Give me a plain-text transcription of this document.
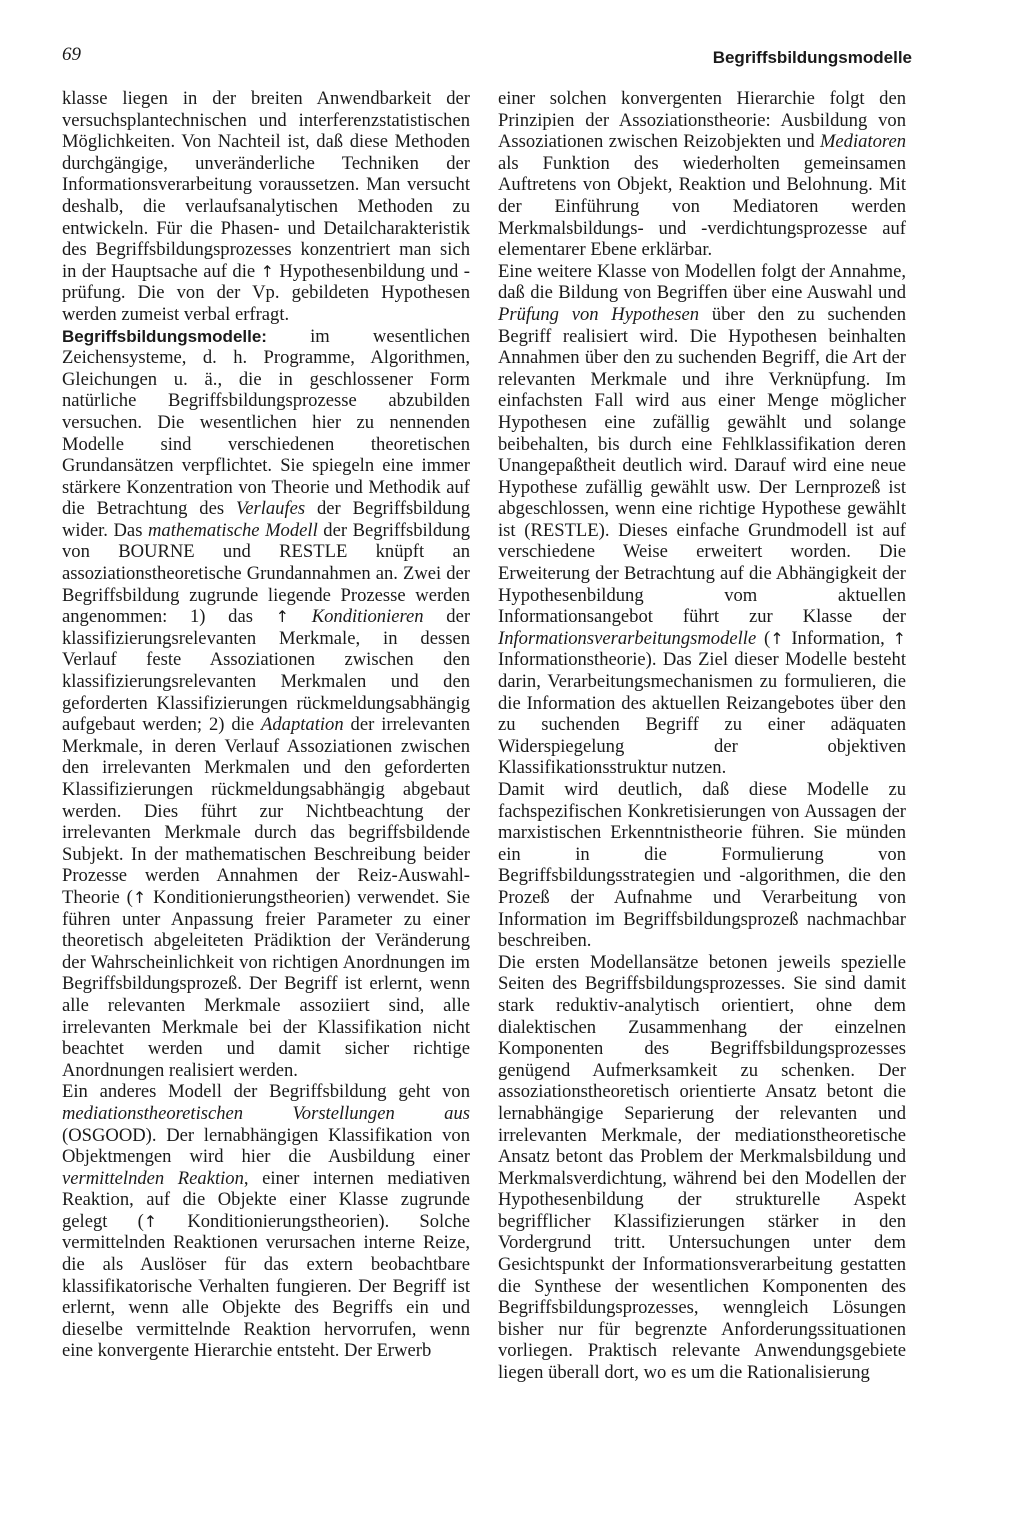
69	Begriffsbildungsmodelle

klasse liegen in der breiten Anwendbarkeit der versuchsplantechnischen und interferenzstatistischen Möglichkeiten. Von Nachteil ist, daß diese Methoden durchgängige, unveränderliche Techniken der Informationsverarbeitung voraussetzen. Man versucht deshalb, die verlaufsanalytischen Methoden zu entwickeln. Für die Phasen- und Detailcharakteristik des Begriffsbildungsprozesses konzentriert man sich in der Hauptsache auf die ↑ Hypothesenbildung und -prüfung. Die von der Vp. gebildeten Hypothesen werden zumeist verbal erfragt.

Begriffsbildungsmodelle: im wesentlichen Zeichensysteme, d. h. Programme, Algorithmen, Gleichungen u. ä., die in geschlossener Form natürliche Begriffsbildungsprozesse abzubilden versuchen. Die wesentlichen hier zu nennenden Modelle sind verschiedenen theoretischen Grundansätzen verpflichtet. Sie spiegeln eine immer stärkere Konzentration von Theorie und Methodik auf die Betrachtung des Verlaufes der Begriffsbildung wider. Das mathematische Modell der Begriffsbildung von BOURNE und RESTLE knüpft an assoziationstheoretische Grundannahmen an. Zwei der Begriffsbildung zugrunde liegende Prozesse werden angenommen: 1) das ↑ Konditionieren der klassifizierungsrelevanten Merkmale, in dessen Verlauf feste Assoziationen zwischen den klassifizierungsrelevanten Merkmalen und den geforderten Klassifizierungen rückmeldungsabhängig aufgebaut werden; 2) die Adaptation der irrelevanten Merkmale, in deren Verlauf Assoziationen zwischen den irrelevanten Merkmalen und den geforderten Klassifizierungen rückmeldungsabhängig abgebaut werden. Dies führt zur Nichtbeachtung der irrelevanten Merkmale durch das begriffsbildende Subjekt. In der mathematischen Beschreibung beider Prozesse werden Annahmen der Reiz-Auswahl-Theorie (↑ Konditionierungstheorien) verwendet. Sie führen unter Anpassung freier Parameter zu einer theoretisch abgeleiteten Prädiktion der Veränderung der Wahrscheinlichkeit von richtigen Anordnungen im Begriffsbildungsprozeß. Der Begriff ist erlernt, wenn alle relevanten Merkmale assoziiert sind, alle irrelevanten Merkmale bei der Klassifikation nicht beachtet werden und damit sicher richtige Anordnungen realisiert werden.

Ein anderes Modell der Begriffsbildung geht von mediationstheoretischen Vorstellungen aus (OSGOOD). Der lernabhängigen Klassifikation von Objektmengen wird hier die Ausbildung einer vermittelnden Reaktion, einer internen mediativen Reaktion, auf die Objekte einer Klasse zugrunde gelegt (↑ Konditionierungstheorien). Solche vermittelnden Reaktionen verursachen interne Reize, die als Auslöser für das extern beobachtbare klassifikatorische Verhalten fungieren. Der Begriff ist erlernt, wenn alle Objekte des Begriffs ein und dieselbe vermittelnde Reaktion hervorrufen, wenn eine konvergente Hierarchie entsteht. Der Erwerb

einer solchen konvergenten Hierarchie folgt den Prinzipien der Assoziationstheorie: Ausbildung von Assoziationen zwischen Reizobjekten und Mediatoren als Funktion des wiederholten gemeinsamen Auftretens von Objekt, Reaktion und Belohnung. Mit der Einführung von Mediatoren werden Merkmalsbildungs- und -verdichtungsprozesse auf elementarer Ebene erklärbar.

Eine weitere Klasse von Modellen folgt der Annahme, daß die Bildung von Begriffen über eine Auswahl und Prüfung von Hypothesen über den zu suchenden Begriff realisiert wird. Die Hypothesen beinhalten Annahmen über den zu suchenden Begriff, die Art der relevanten Merkmale und ihre Verknüpfung. Im einfachsten Fall wird aus einer Menge möglicher Hypothesen eine zufällig gewählt und solange beibehalten, bis durch eine Fehlklassifikation deren Unangepaßtheit deutlich wird. Darauf wird eine neue Hypothese zufällig gewählt usw. Der Lernprozeß ist abgeschlossen, wenn eine richtige Hypothese gewählt ist (RESTLE). Dieses einfache Grundmodell ist auf verschiedene Weise erweitert worden. Die Erweiterung der Betrachtung auf die Abhängigkeit der Hypothesenbildung vom aktuellen Informationsangebot führt zur Klasse der Informationsverarbeitungsmodelle (↑ Information, ↑ Informationstheorie). Das Ziel dieser Modelle besteht darin, Verarbeitungsmechanismen zu formulieren, die die Information des aktuellen Reizangebotes über den zu suchenden Begriff zu einer adäquaten Widerspiegelung der objektiven Klassifikationsstruktur nutzen.

Damit wird deutlich, daß diese Modelle zu fachspezifischen Konkretisierungen von Aussagen der marxistischen Erkenntnistheorie führen. Sie münden ein in die Formulierung von Begriffsbildungsstrategien und -algorithmen, die den Prozeß der Aufnahme und Verarbeitung von Information im Begriffsbildungsprozeß nachmachbar beschreiben.

Die ersten Modellansätze betonen jeweils spezielle Seiten des Begriffsbildungsprozesses. Sie sind damit stark reduktiv-analytisch orientiert, ohne dem dialektischen Zusammenhang der einzelnen Komponenten des Begriffsbildungsprozesses genügend Aufmerksamkeit zu schenken. Der assoziationstheoretisch orientierte Ansatz betont die lernabhängige Separierung der relevanten und irrelevanten Merkmale, der mediationstheoretische Ansatz betont das Problem der Merkmalsbildung und Merkmalsverdichtung, während bei den Modellen der Hypothesenbildung der strukturelle Aspekt begrifflicher Klassifizierungen stärker in den Vordergrund tritt. Untersuchungen unter dem Gesichtspunkt der Informationsverarbeitung gestatten die Synthese der wesentlichen Komponenten des Begriffsbildungsprozesses, wenngleich Lösungen bisher nur für begrenzte Anforderungssituationen vorliegen. Praktisch relevante Anwendungsgebiete liegen überall dort, wo es um die Rationalisierung
